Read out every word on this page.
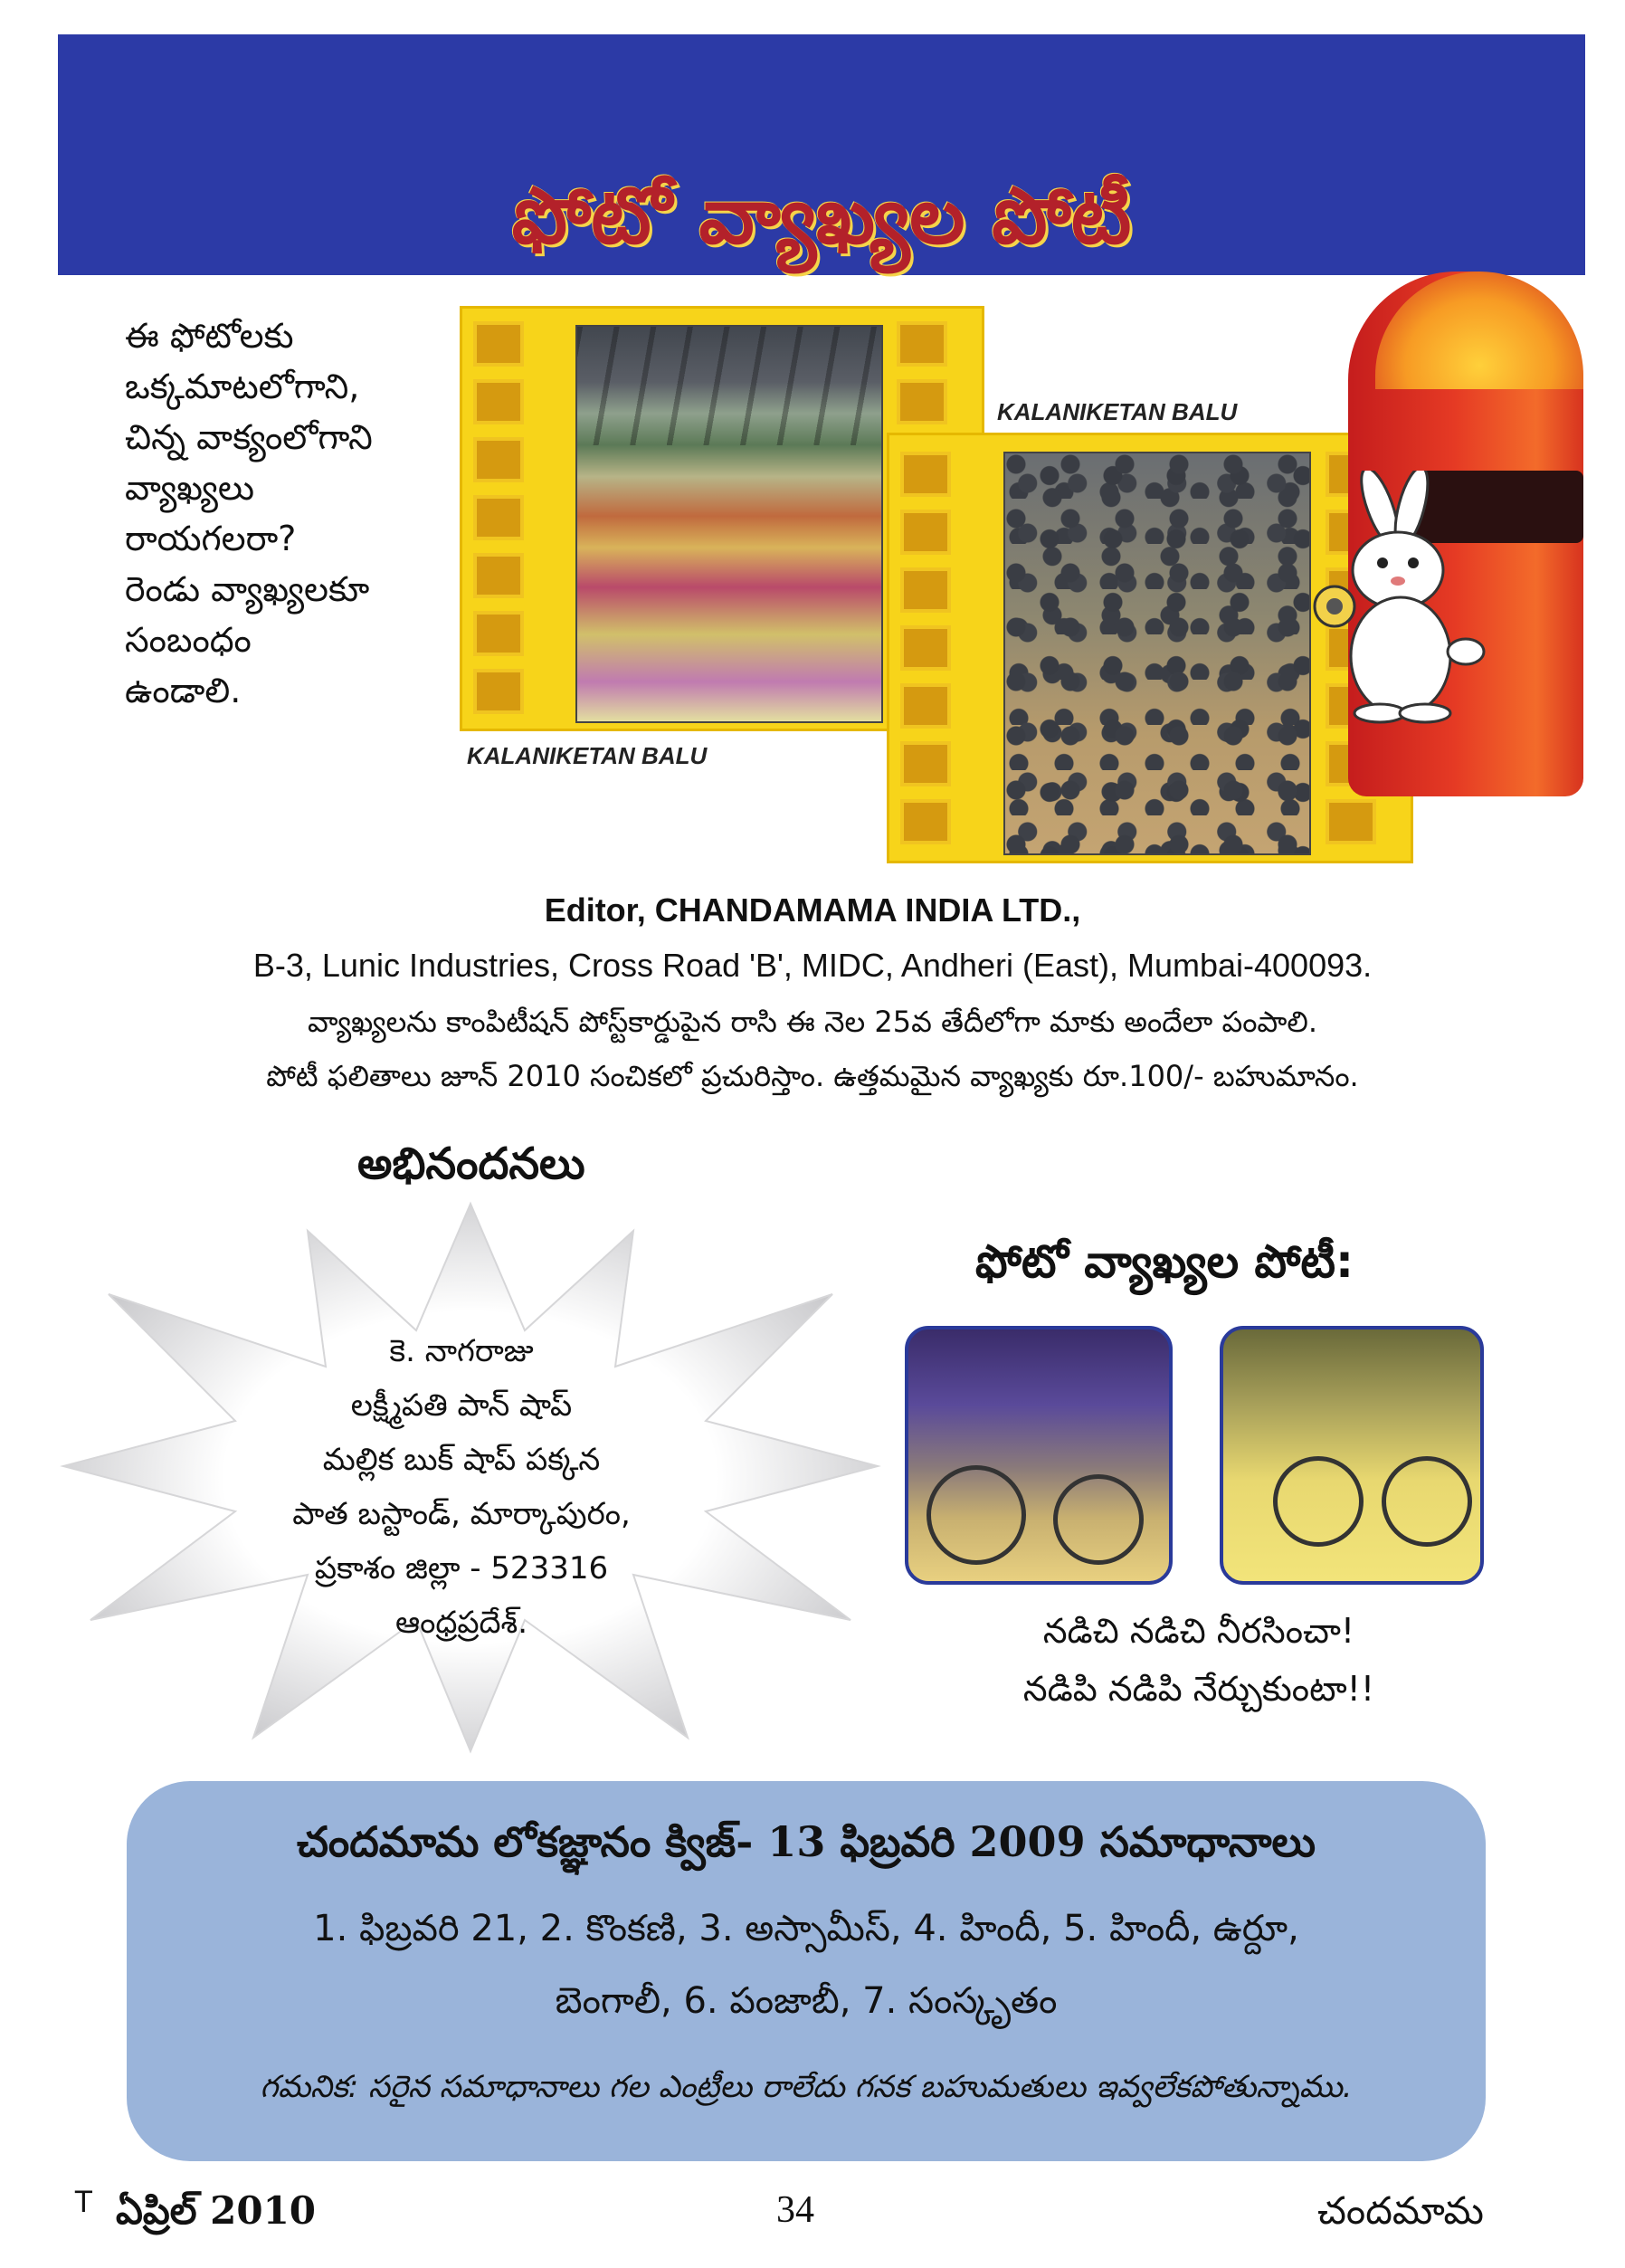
ఫోటో వ్యాఖ్యల పోటీ
ఈ ఫోటోలకు
ఒక్కమాటలోగాని,
చిన్న వాక్యంలోగాని
వ్యాఖ్యలు
రాయగలరా?
రెండు వ్యాఖ్యలకూ
సంబంధం
ఉండాలి.
KALANIKETAN BALU
KALANIKETAN BALU
Editor, CHANDAMAMA INDIA LTD.,
B-3, Lunic Industries, Cross Road 'B', MIDC, Andheri (East), Mumbai-400093.
వ్యాఖ్యలను కాంపిటీషన్ పోస్ట్‌కార్డుపైన రాసి ఈ నెల 25వ తేదీలోగా మాకు అందేలా పంపాలి.
పోటీ ఫలితాలు జూన్ 2010 సంచికలో ప్రచురిస్తాం. ఉత్తమమైన వ్యాఖ్యకు రూ.100/- బహుమానం.
అభినందనలు
కె. నాగరాజు
లక్ష్మీపతి పాన్ షాప్
మల్లిక బుక్ షాప్ పక్కన
పాత బస్టాండ్, మార్కాపురం,
ప్రకాశం జిల్లా - 523316
ఆంధ్రప్రదేశ్.
ఫోటో వ్యాఖ్యల పోటీ:
నడిచి నడిచి నీరసించా!
నడిపి నడిపి నేర్చుకుంటా!!
చందమామ లోకజ్ఞానం క్విజ్- 13 ఫిబ్రవరి 2009 సమాధానాలు
1. ఫిబ్రవరి 21, 2. కొంకణి, 3. అస్సామీస్, 4. హిందీ, 5. హిందీ, ఉర్దూ,
బెంగాలీ, 6. పంజాబీ, 7. సంస్కృతం
గమనిక: సరైన సమాధానాలు గల ఎంట్రీలు రాలేదు గనక బహుమతులు ఇవ్వలేకపోతున్నాము.
T ఏప్రిల్ 2010	34	చందమామ
